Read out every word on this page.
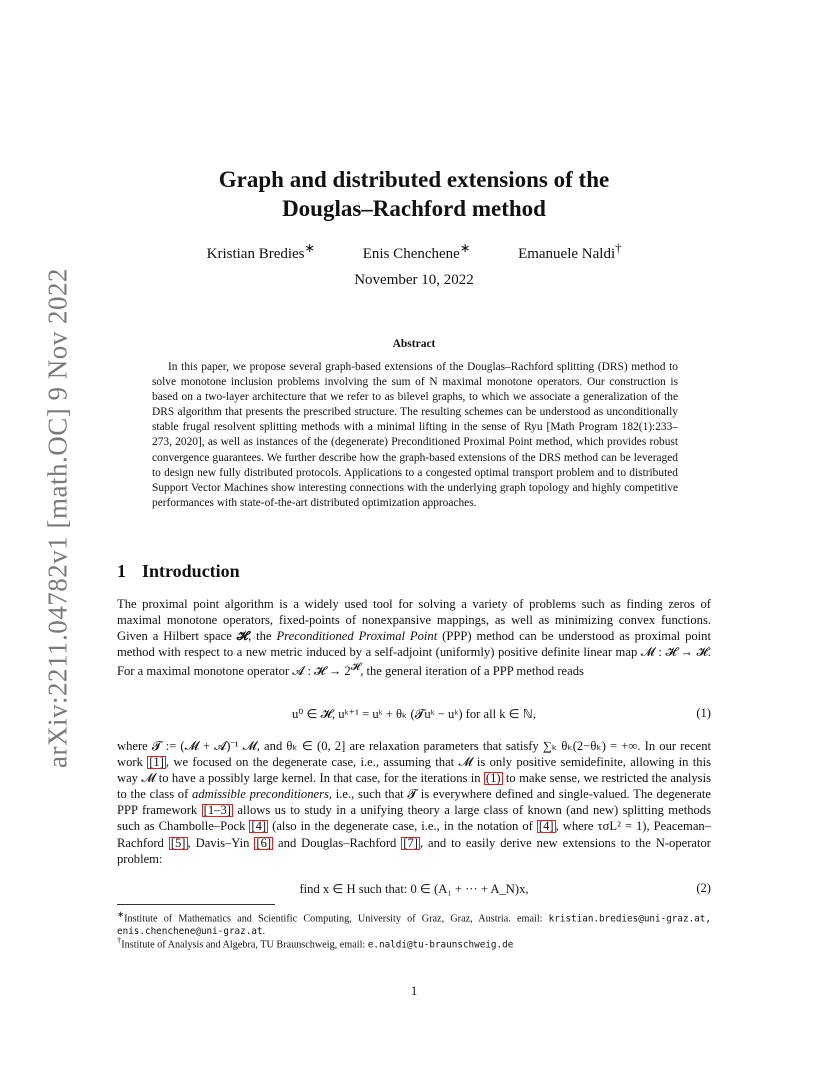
arXiv:2211.04782v1 [math.OC] 9 Nov 2022
Graph and distributed extensions of the
Douglas–Rachford method
Kristian Bredies∗	Enis Chenchene∗	Emanuele Naldi†
November 10, 2022
Abstract
In this paper, we propose several graph-based extensions of the Douglas–Rachford splitting (DRS) method to solve monotone inclusion problems involving the sum of N maximal monotone operators. Our construction is based on a two-layer architecture that we refer to as bilevel graphs, to which we associate a generalization of the DRS algorithm that presents the prescribed structure. The resulting schemes can be understood as unconditionally stable frugal resolvent splitting methods with a minimal lifting in the sense of Ryu [Math Program 182(1):233–273, 2020], as well as instances of the (degenerate) Preconditioned Proximal Point method, which provides robust convergence guarantees. We further describe how the graph-based extensions of the DRS method can be leveraged to design new fully distributed protocols. Applications to a congested optimal transport problem and to distributed Support Vector Machines show interesting connections with the underlying graph topology and highly competitive performances with state-of-the-art distributed optimization approaches.
1 Introduction
The proximal point algorithm is a widely used tool for solving a variety of problems such as finding zeros of maximal monotone operators, fixed-points of nonexpansive mappings, as well as minimizing convex functions. Given a Hilbert space 𝓗, the Preconditioned Proximal Point (PPP) method can be understood as proximal point method with respect to a new metric induced by a self-adjoint (uniformly) positive definite linear map 𝓜 : 𝓗 → 𝓗. For a maximal monotone operator 𝓐 : 𝓗 → $2^𝓗$, the general iteration of a PPP method reads
u⁰ ∈ 𝓗, uᵏ⁺¹ = uᵏ + θₖ (𝓣uᵏ − uᵏ) for all k ∈ ℕ,	(1)
where 𝓣 := (𝓜 + 𝓐)⁻¹ 𝓜, and θₖ ∈ (0, 2] are relaxation parameters that satisfy ∑ₖ θₖ(2−θₖ) = +∞. In our recent work [1] , we focused on the degenerate case, i.e., assuming that 𝓜 is only positive semidefinite, allowing in this way 𝓜 to have a possibly large kernel. In that case, for the iterations in (1) to make sense, we restricted the analysis to the class of admissible preconditioners, i.e., such that 𝓣 is everywhere defined and single-valued. The degenerate PPP framework [1–3] allows us to study in a unifying theory a large class of known (and new) splitting methods such as Chambolle–Pock [4] (also in the degenerate case, i.e., in the notation of [4] , where τσL² = 1), Peaceman–Rachford [5] , Davis–Yin [6] and Douglas–Rachford [7] , and to easily derive new extensions to the N-operator problem:
find x ∈ H such that: 0 ∈ (A₁ + ··· + A_N)x,	(2)
∗Institute of Mathematics and Scientific Computing, University of Graz, Graz, Austria. email: kristian.bredies@uni-graz.at, enis.chenchene@uni-graz.at.
†Institute of Analysis and Algebra, TU Braunschweig, email: e.naldi@tu-braunschweig.de
1
